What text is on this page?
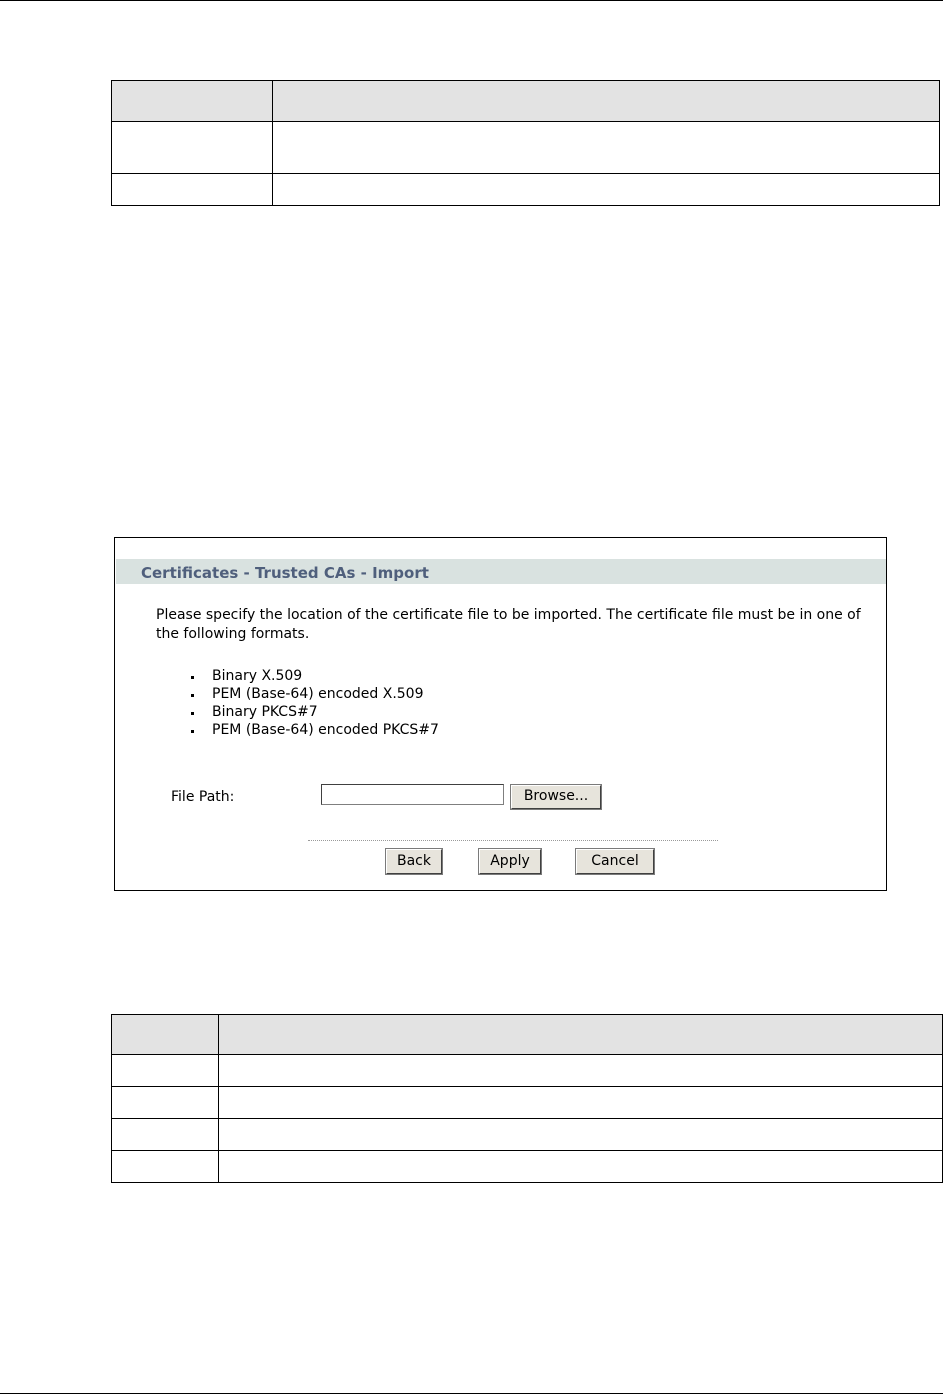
Certificates - Trusted CAs - Import
Please specify the location of the certificate file to be imported. The certificate file must be in one of the following formats.
Binary X.509
PEM (Base-64) encoded X.509
Binary PKCS#7
PEM (Base-64) encoded PKCS#7
File Path:	Browse...
Back	Apply	Cancel
